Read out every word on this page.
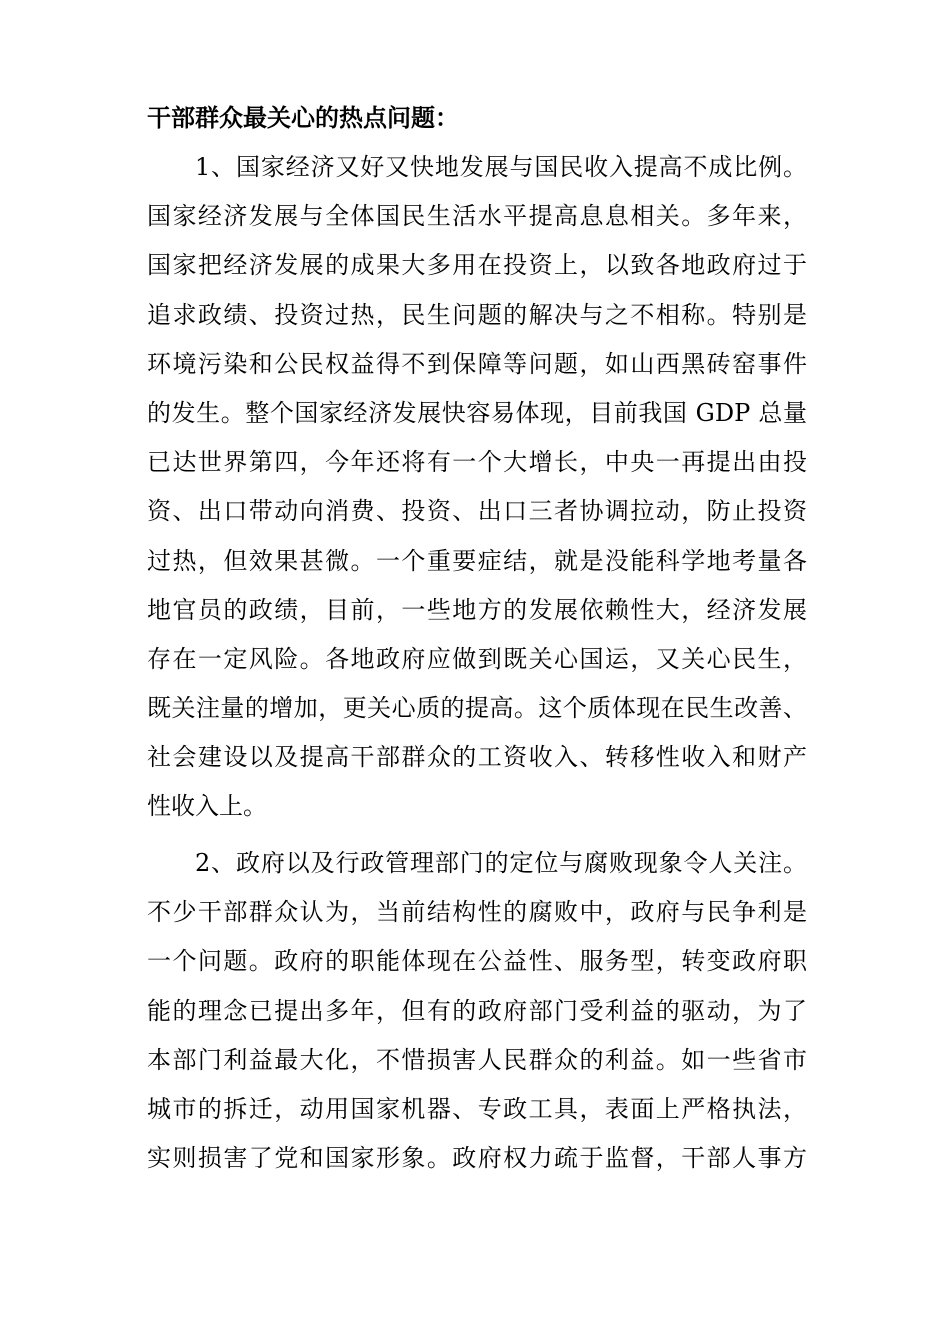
干部群众最关心的热点问题：
1、国家经济又好又快地发展与国民收入提高不成比例。
国家经济发展与全体国民生活水平提高息息相关。多年来，
国家把经济发展的成果大多用在投资上，以致各地政府过于
追求政绩、投资过热，民生问题的解决与之不相称。特别是
环境污染和公民权益得不到保障等问题，如山西黑砖窑事件
的发生。整个国家经济发展快容易体现，目前我国 GDP 总量
已达世界第四，今年还将有一个大增长，中央一再提出由投
资、出口带动向消费、投资、出口三者协调拉动，防止投资
过热，但效果甚微。一个重要症结，就是没能科学地考量各
地官员的政绩，目前，一些地方的发展依赖性大，经济发展
存在一定风险。各地政府应做到既关心国运，又关心民生，
既关注量的增加，更关心质的提高。这个质体现在民生改善、
社会建设以及提高干部群众的工资收入、转移性收入和财产
性收入上。
2、政府以及行政管理部门的定位与腐败现象令人关注。
不少干部群众认为，当前结构性的腐败中，政府与民争利是
一个问题。政府的职能体现在公益性、服务型，转变政府职
能的理念已提出多年，但有的政府部门受利益的驱动，为了
本部门利益最大化，不惜损害人民群众的利益。如一些省市
城市的拆迁，动用国家机器、专政工具，表面上严格执法，
实则损害了党和国家形象。政府权力疏于监督，干部人事方
